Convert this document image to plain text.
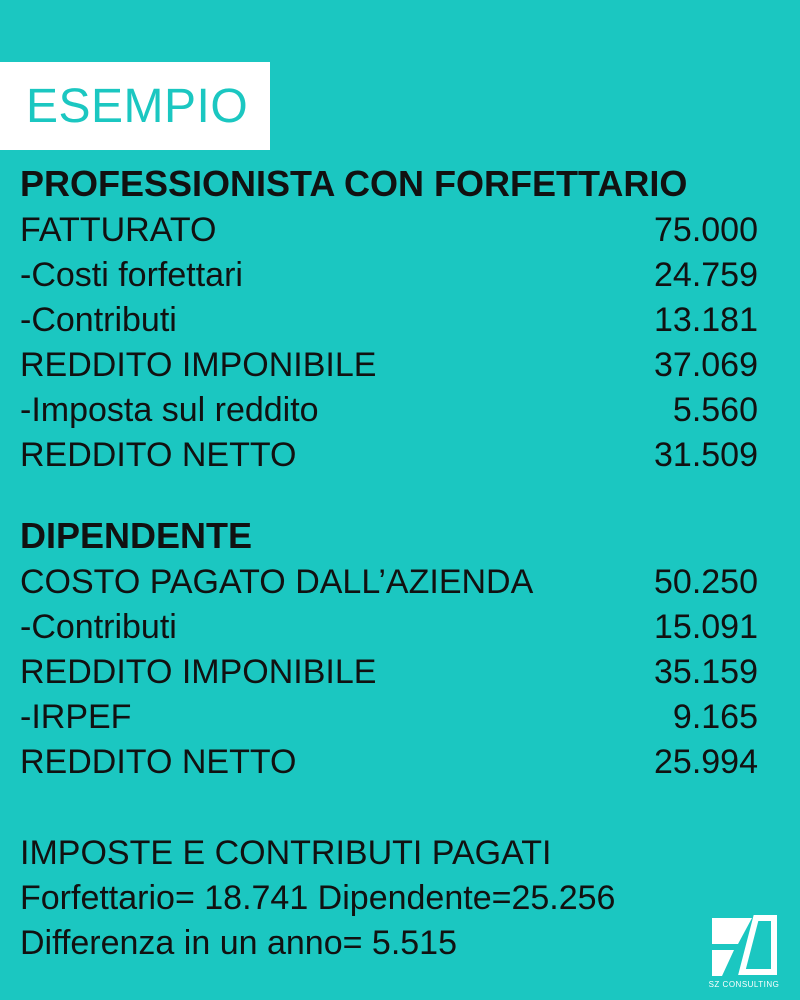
ESEMPIO
PROFESSIONISTA CON FORFETTARIO
FATTURATO	75.000
-Costi forfettari	24.759
-Contributi	13.181
REDDITO IMPONIBILE	37.069
-Imposta sul reddito	5.560
REDDITO NETTO	31.509
DIPENDENTE
COSTO PAGATO DALL’AZIENDA	50.250
-Contributi	15.091
REDDITO IMPONIBILE	35.159
-IRPEF	9.165
REDDITO NETTO	25.994
IMPOSTE E CONTRIBUTI PAGATI
Forfettario= 18.741 Dipendente=25.256
Differenza in un anno= 5.515
SZ CONSULTING
